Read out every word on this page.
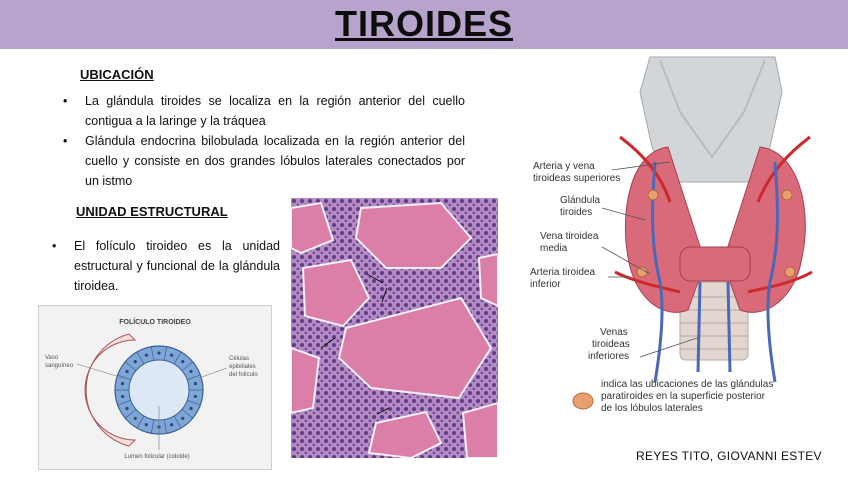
TIROIDES
UBICACIÓN
• La glándula tiroides se localiza en la región anterior del cuello contigua a la laringe y la tráquea
• Glándula endocrina bilobulada localizada en la región anterior del cuello y consiste en dos grandes lóbulos laterales conectados por un istmo
UNIDAD ESTRUCTURAL
• El folículo tiroideo es la unidad estructural y funcional de la glándula tiroidea.
FOLÍCULO TIROIDEO
Vaso
sanguíneo
Células
epiteliales
del folículo
Lumen folicular (coloide)
Arteria y vena
tiroideas superiores
Glándula
tiroides
Vena tiroidea
media
Arteria tiroidea
inferior
Venas
tiroideas
inferiores
indica las ubicaciones de las glándulas
paratiroides en la superficie posterior
de los lóbulos laterales
REYES TITO, GIOVANNI ESTEV
